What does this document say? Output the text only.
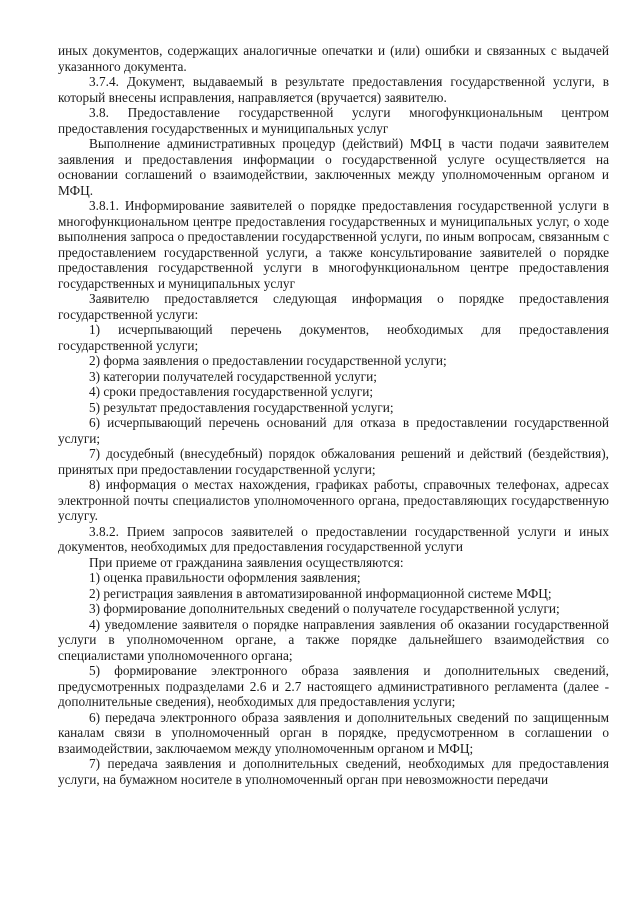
иных документов, содержащих аналогичные опечатки и (или) ошибки и связанных с выдачей указанного документа.

3.7.4. Документ, выдаваемый в результате предоставления государственной услуги, в который внесены исправления, направляется (вручается) заявителю.

3.8. Предоставление государственной услуги многофункциональным центром предоставления государственных и муниципальных услуг

Выполнение административных процедур (действий) МФЦ в части подачи заявителем заявления и предоставления информации о государственной услуге осуществляется на основании соглашений о взаимодействии, заключенных между уполномоченным органом и МФЦ.

3.8.1. Информирование заявителей о порядке предоставления государственной услуги в многофункциональном центре предоставления государственных и муниципальных услуг, о ходе выполнения запроса о предоставлении государственной услуги, по иным вопросам, связанным с предоставлением государственной услуги, а также консультирование заявителей о порядке предоставления государственной услуги в многофункциональном центре предоставления государственных и муниципальных услуг

Заявителю предоставляется следующая информация о порядке предоставления государственной услуги:

1) исчерпывающий перечень документов, необходимых для предоставления государственной услуги;

2) форма заявления о предоставлении государственной услуги;

3) категории получателей государственной услуги;

4) сроки предоставления государственной услуги;

5) результат предоставления государственной услуги;

6) исчерпывающий перечень оснований для отказа в предоставлении государственной услуги;

7) досудебный (внесудебный) порядок обжалования решений и действий (бездействия), принятых при предоставлении государственной услуги;

8) информация о местах нахождения, графиках работы, справочных телефонах, адресах электронной почты специалистов уполномоченного органа, предоставляющих государственную услугу.

3.8.2. Прием запросов заявителей о предоставлении государственной услуги и иных документов, необходимых для предоставления государственной услуги

При приеме от гражданина заявления осуществляются:

1) оценка правильности оформления заявления;

2) регистрация заявления в автоматизированной информационной системе МФЦ;

3) формирование дополнительных сведений о получателе государственной услуги;

4) уведомление заявителя о порядке направления заявления об оказании государственной услуги в уполномоченном органе, а также порядке дальнейшего взаимодействия со специалистами уполномоченного органа;

5) формирование электронного образа заявления и дополнительных сведений, предусмотренных подразделами 2.6 и 2.7 настоящего административного регламента (далее - дополнительные сведения), необходимых для предоставления услуги;

6) передача электронного образа заявления и дополнительных сведений по защищенным каналам связи в уполномоченный орган в порядке, предусмотренном в соглашении о взаимодействии, заключаемом между уполномоченным органом и МФЦ;

7) передача заявления и дополнительных сведений, необходимых для предоставления услуги, на бумажном носителе в уполномоченный орган при невозможности передачи
